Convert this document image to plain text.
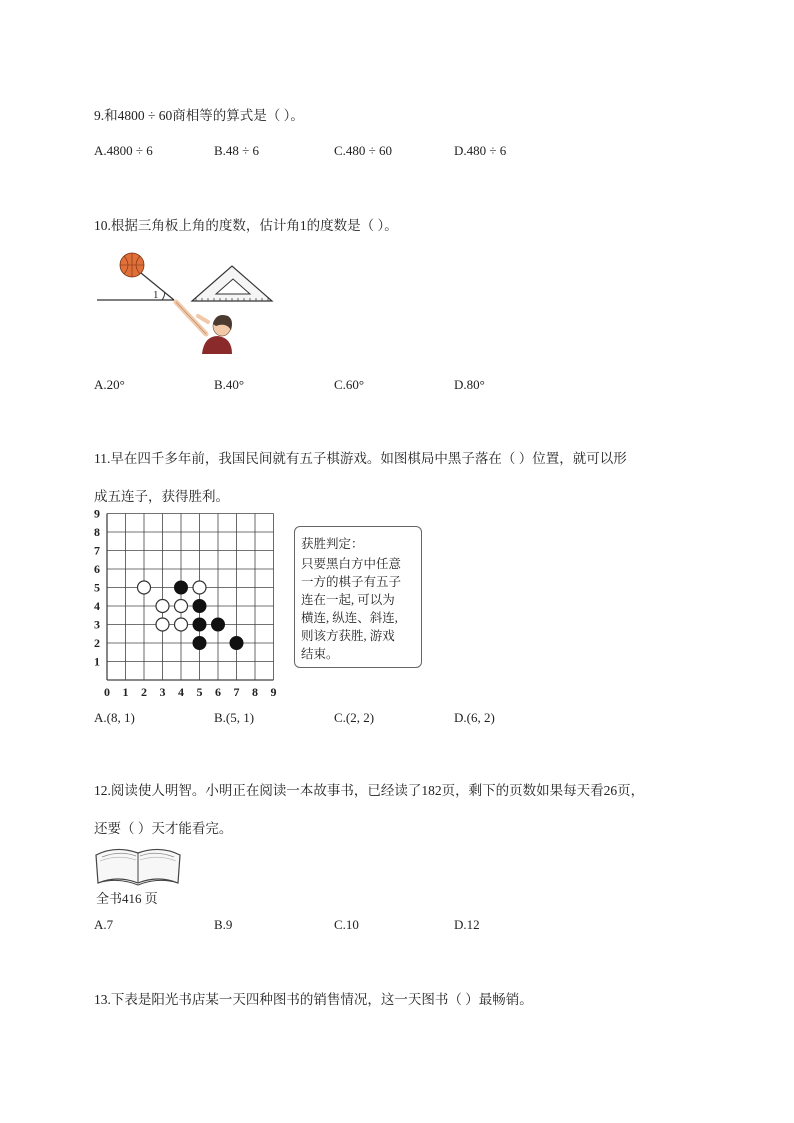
9.和4800 ÷ 60商相等的算式是（ ）。
A.4800 ÷ 6	B.48 ÷ 6	C.480 ÷ 60	D.480 ÷ 6
10.根据三角板上角的度数，估计角1的度数是（ ）。
1
A.20°	B.40°	C.60°	D.80°
11.早在四千多年前，我国民间就有五子棋游戏。如图棋局中黑子落在（ ）位置，就可以形
成五连子，获得胜利。
0 1 2 3 4 5 6 7 8 9
1
2
3
4
5
6
7
8
9
获胜判定：
只要黑白方中任意
一方的棋子有五子
连在一起, 可以为
横连, 纵连、斜连,
则该方获胜, 游戏
结束。
A.(8, 1)	B.(5, 1)	C.(2, 2)	D.(6, 2)
12.阅读使人明智。小明正在阅读一本故事书，已经读了182页，剩下的页数如果每天看26页，
还要（ ）天才能看完。
全书416 页
A.7	B.9	C.10	D.12
13.下表是阳光书店某一天四种图书的销售情况，这一天图书（ ）最畅销。
